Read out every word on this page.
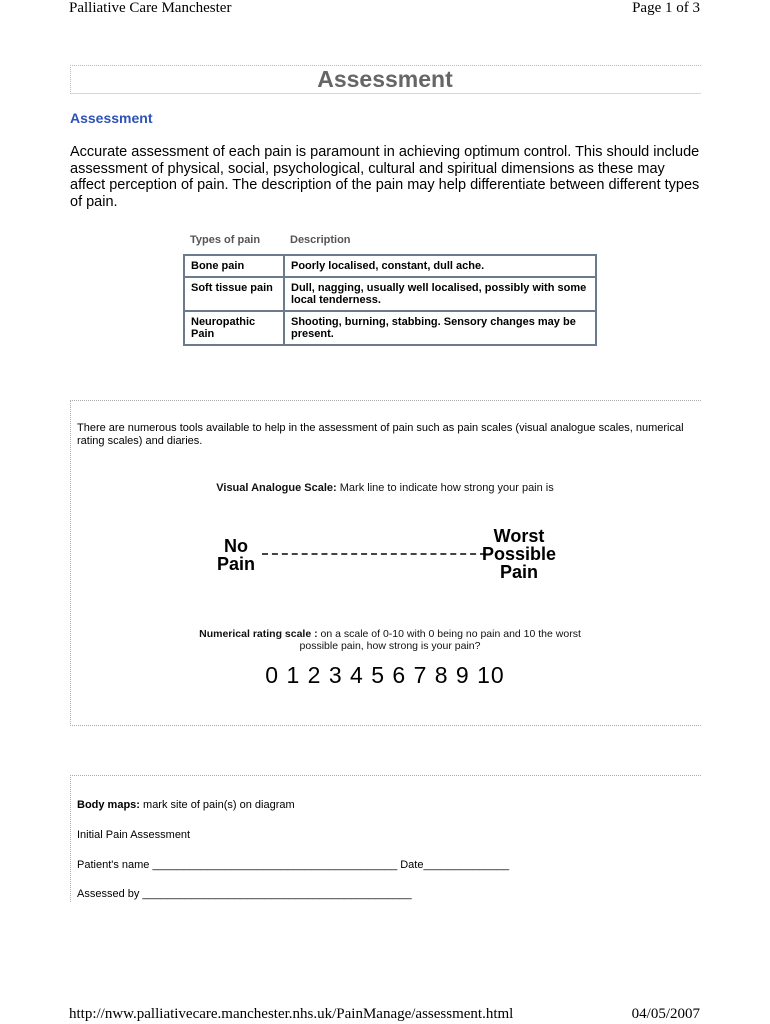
Palliative Care Manchester	Page 1 of 3
Assessment
Assessment
Accurate assessment of each pain is paramount in achieving optimum control. This should include assessment of physical, social, psychological, cultural and spiritual dimensions as these may affect perception of pain. The description of the pain may help differentiate between different types of pain.
Types of pain	Description
Bone pain	Poorly localised, constant, dull ache.
Soft tissue pain	Dull, nagging, usually well localised, possibly with some local tenderness.
Neuropathic Pain	Shooting, burning, stabbing. Sensory changes may be present.
There are numerous tools available to help in the assessment of pain such as pain scales (visual analogue scales, numerical rating scales) and diaries.
Visual Analogue Scale: Mark line to indicate how strong your pain is
No
Pain
Worst
Possible
Pain
Numerical rating scale : on a scale of 0-10 with 0 being no pain and 10 the worst possible pain, how strong is your pain?
0 1 2 3 4 5 6 7 8 9 10
Body maps: mark site of pain(s) on diagram
Initial Pain Assessment
Patient's name ________________________________________ Date______________
Assessed by ____________________________________________
http://nww.palliativecare.manchester.nhs.uk/PainManage/assessment.html	04/05/2007
